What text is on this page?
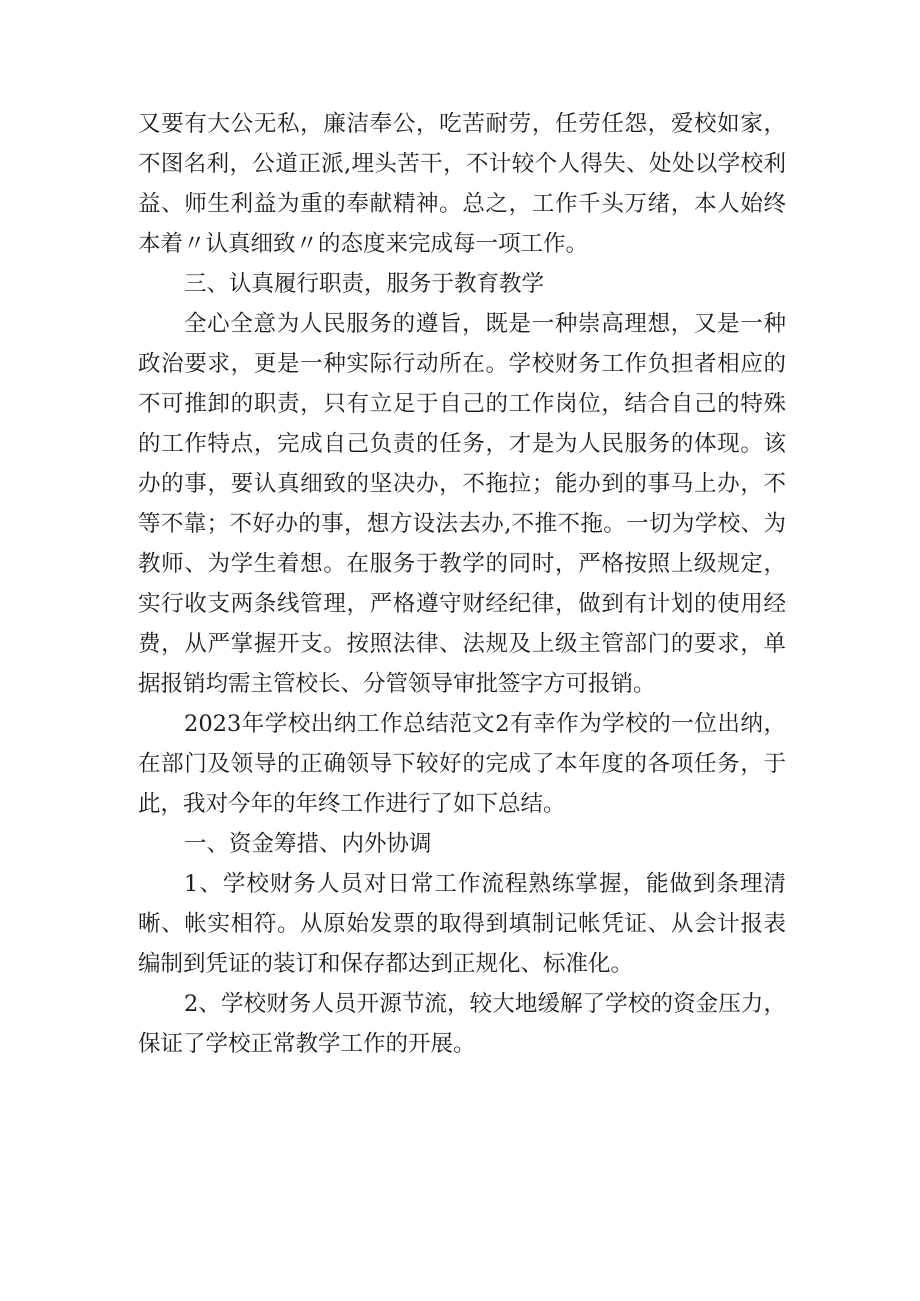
又要有大公无私，廉洁奉公，吃苦耐劳，任劳任怨，爱校如家，不图名利，公道正派,埋头苦干，不计较个人得失、处处以学校利益、师生利益为重的奉献精神。总之，工作千头万绪，本人始终本着〃认真细致〃的态度来完成每一项工作。

三、认真履行职责，服务于教育教学

全心全意为人民服务的遵旨，既是一种崇高理想，又是一种政治要求，更是一种实际行动所在。学校财务工作负担者相应的不可推卸的职责，只有立足于自己的工作岗位，结合自己的特殊的工作特点，完成自己负责的任务，才是为人民服务的体现。该办的事，要认真细致的坚决办，不拖拉；能办到的事马上办，不等不靠；不好办的事，想方设法去办,不推不拖。一切为学校、为教师、为学生着想。在服务于教学的同时，严格按照上级规定，实行收支两条线管理，严格遵守财经纪律，做到有计划的使用经费，从严掌握开支。按照法律、法规及上级主管部门的要求，单据报销均需主管校长、分管领导审批签字方可报销。

2023年学校出纳工作总结范文2有幸作为学校的一位出纳，在部门及领导的正确领导下较好的完成了本年度的各项任务，于此，我对今年的年终工作进行了如下总结。

一、资金筹措、内外协调

1、学校财务人员对日常工作流程熟练掌握，能做到条理清晰、帐实相符。从原始发票的取得到填制记帐凭证、从会计报表编制到凭证的装订和保存都达到正规化、标准化。

2、学校财务人员开源节流，较大地缓解了学校的资金压力，保证了学校正常教学工作的开展。
